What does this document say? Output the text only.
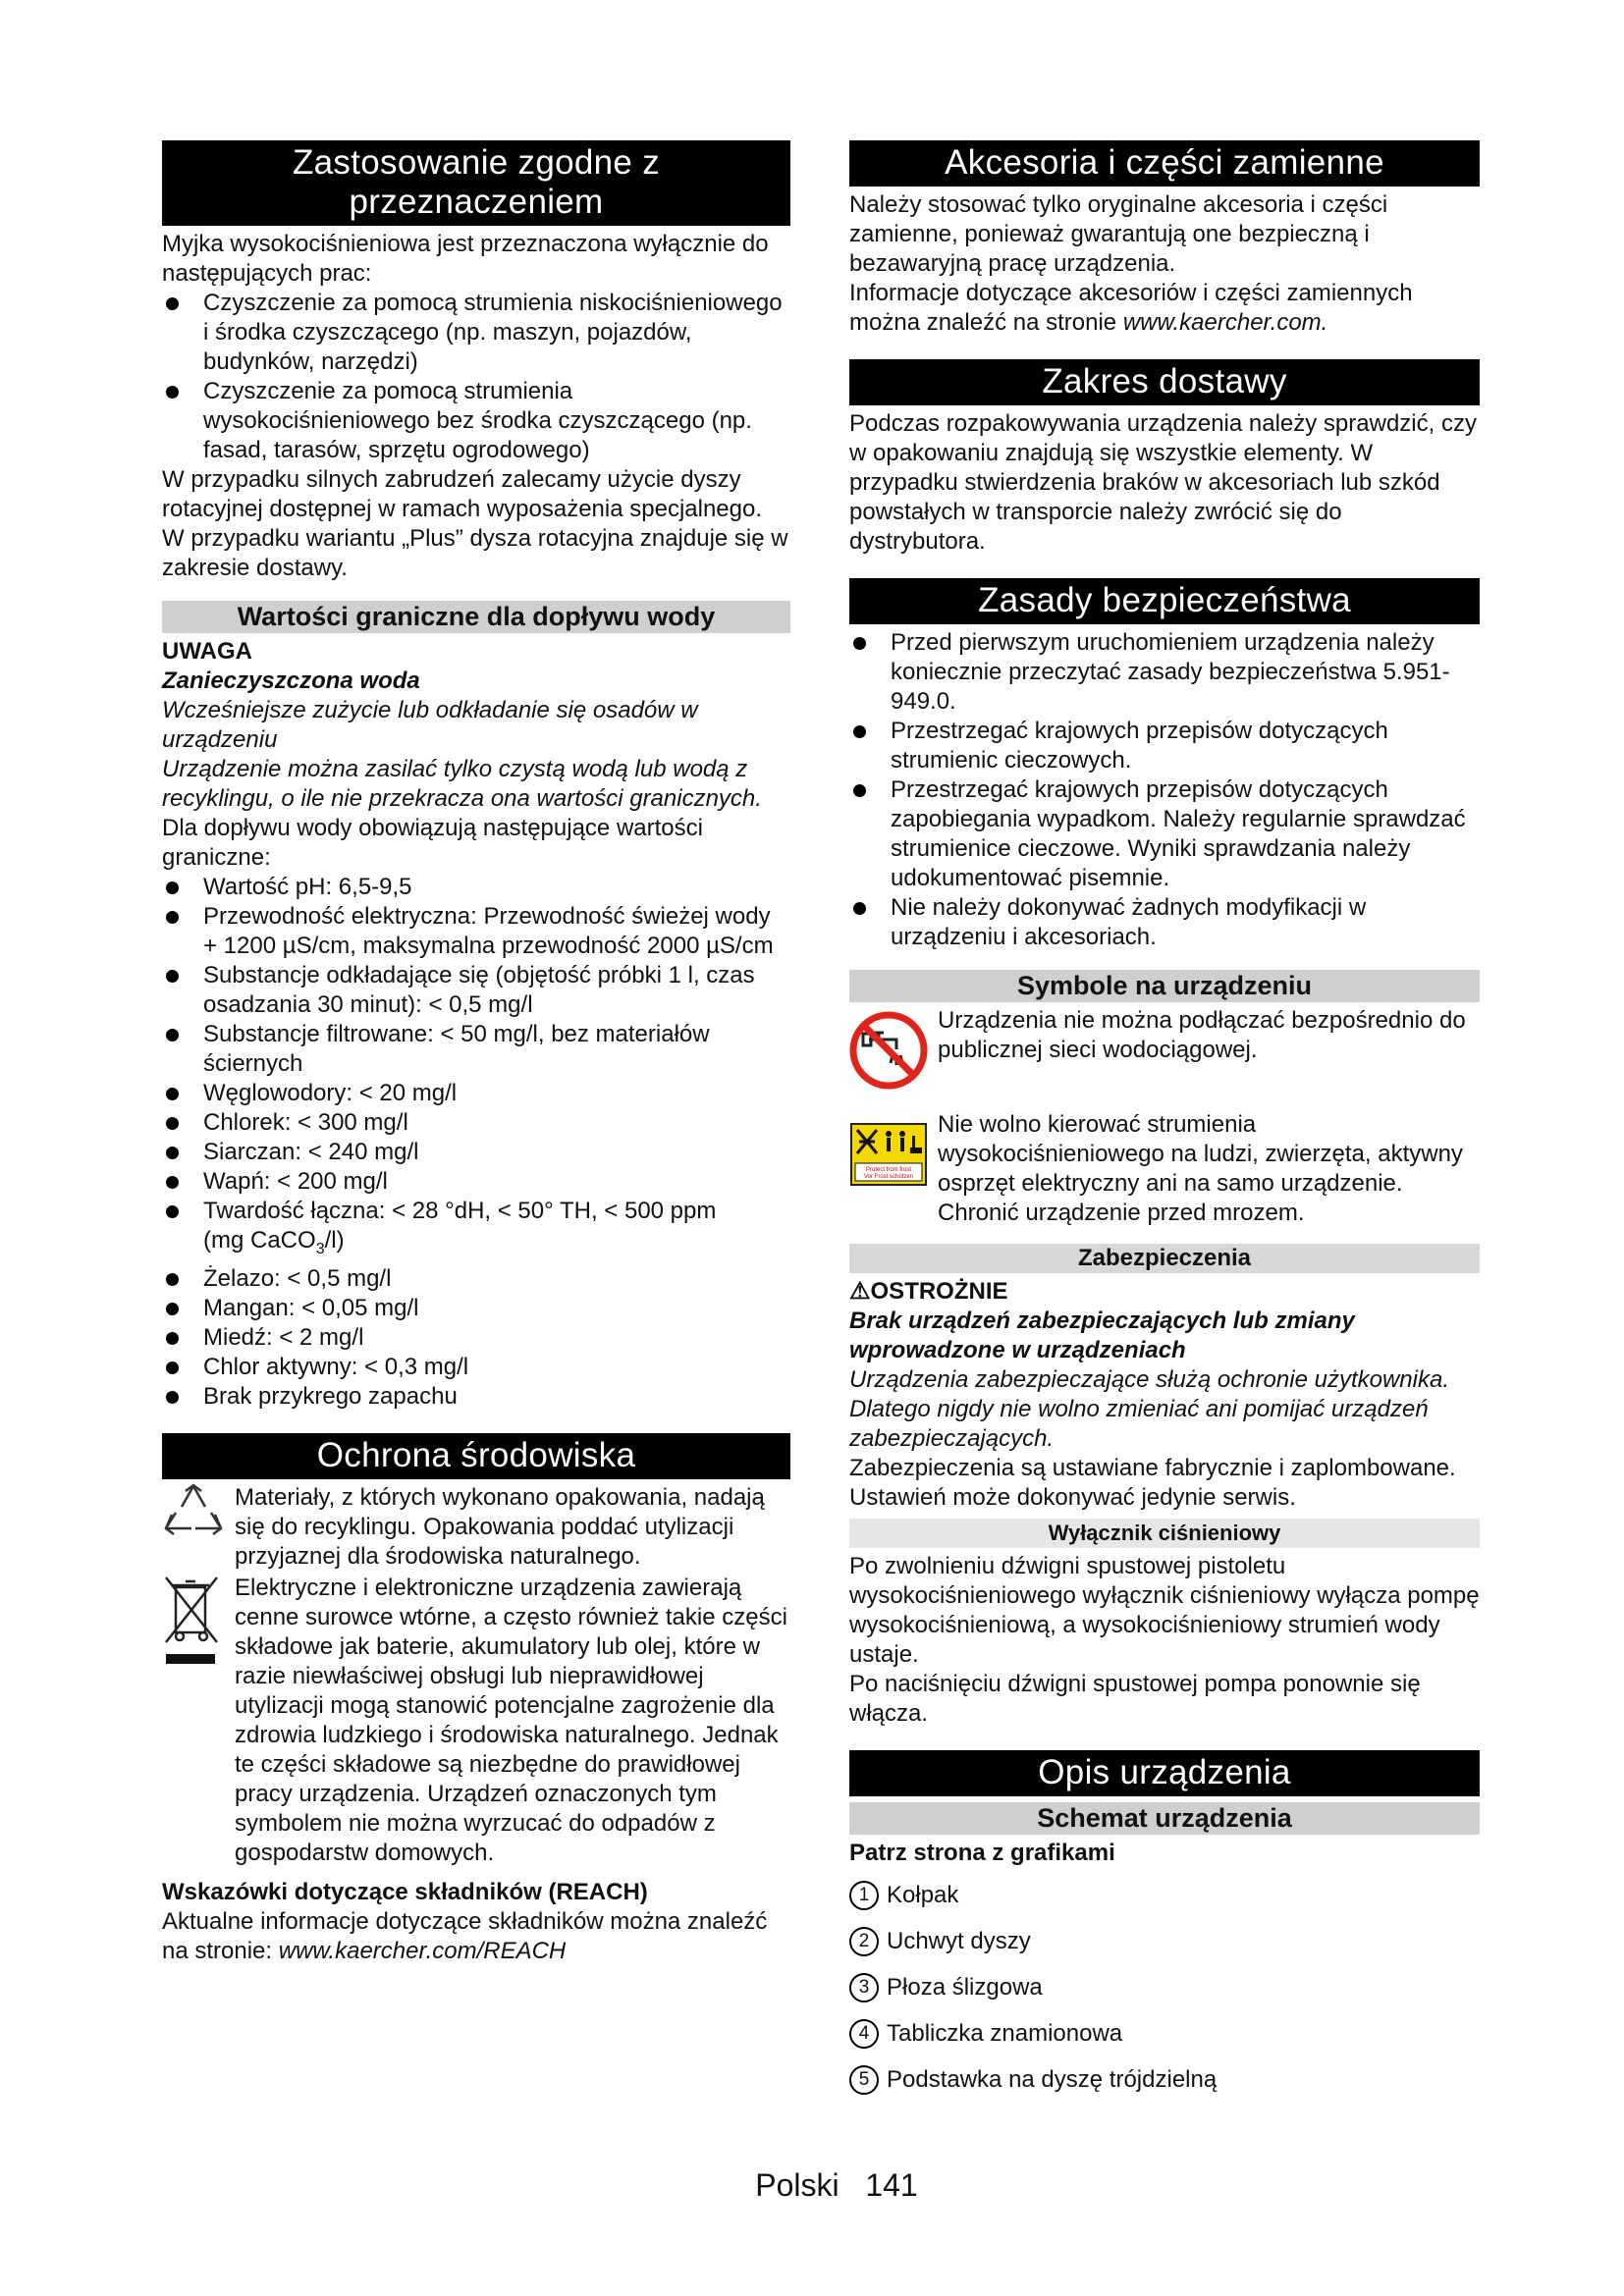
Zastosowanie zgodne z przeznaczeniem

Myjka wysokociśnieniowa jest przeznaczona wyłącznie do następujących prac:

Czyszczenie za pomocą strumienia niskociśnieniowego i środka czyszczącego (np. maszyn, pojazdów, budynków, narzędzi)
Czyszczenie za pomocą strumienia wysokociśnieniowego bez środka czyszczącego (np. fasad, tarasów, sprzętu ogrodowego)

W przypadku silnych zabrudzeń zalecamy użycie dyszy rotacyjnej dostępnej w ramach wyposażenia specjalnego.

W przypadku wariantu „Plus” dysza rotacyjna znajduje się w zakresie dostawy.

Wartości graniczne dla dopływu wody

UWAGA

Zanieczyszczona woda

Wcześniejsze zużycie lub odkładanie się osadów w urządzeniu

Urządzenie można zasilać tylko czystą wodą lub wodą z recyklingu, o ile nie przekracza ona wartości granicznych.

Dla dopływu wody obowiązują następujące wartości graniczne:

Wartość pH: 6,5-9,5
Przewodność elektryczna: Przewodność świeżej wody + 1200 µS/cm, maksymalna przewodność 2000 µS/cm
Substancje odkładające się (objętość próbki 1 l, czas osadzania 30 minut): < 0,5 mg/l
Substancje filtrowane: < 50 mg/l, bez materiałów ściernych
Węglowodory: < 20 mg/l
Chlorek: < 300 mg/l
Siarczan: < 240 mg/l
Wapń: < 200 mg/l
Twardość łączna: < 28 °dH, < 50° TH, < 500 ppm
(mg CaCO$_3$/l)
Żelazo: < 0,5 mg/l
Mangan: < 0,05 mg/l
Miedź: < 2 mg/l
Chlor aktywny: < 0,3 mg/l
Brak przykrego zapachu
Ochrona środowiska

Materiały, z których wykonano opakowania, nadają się do recyklingu. Opakowania poddać utylizacji przyjaznej dla środowiska naturalnego.

Elektryczne i elektroniczne urządzenia zawierają cenne surowce wtórne, a często również takie części składowe jak baterie, akumulatory lub olej, które w razie niewłaściwej obsługi lub nieprawidłowej utylizacji mogą stanowić potencjalne zagrożenie dla zdrowia ludzkiego i środowiska naturalnego. Jednak te części składowe są niezbędne do prawidłowej pracy urządzenia. Urządzeń oznaczonych tym symbolem nie można wyrzucać do odpadów z gospodarstw domowych.

Wskazówki dotyczące składników (REACH)

Aktualne informacje dotyczące składników można znaleźć na stronie: www.kaercher.com/REACH

Akcesoria i części zamienne

Należy stosować tylko oryginalne akcesoria i części zamienne, ponieważ gwarantują one bezpieczną i bezawaryjną pracę urządzenia.

Informacje dotyczące akcesoriów i części zamiennych można znaleźć na stronie www.kaercher.com.

Zakres dostawy

Podczas rozpakowywania urządzenia należy sprawdzić, czy w opakowaniu znajdują się wszystkie elementy. W przypadku stwierdzenia braków w akcesoriach lub szkód powstałych w transporcie należy zwrócić się do dystrybutora.

Zasady bezpieczeństwa
Przed pierwszym uruchomieniem urządzenia należy koniecznie przeczytać zasady bezpieczeństwa 5.951-949.0.
Przestrzegać krajowych przepisów dotyczących strumienic cieczowych.
Przestrzegać krajowych przepisów dotyczących zapobiegania wypadkom. Należy regularnie sprawdzać strumienice cieczowe. Wyniki sprawdzania należy udokumentować pisemnie.
Nie należy dokonywać żadnych modyfikacji w urządzeniu i akcesoriach.
Symbole na urządzeniu

Urządzenia nie można podłączać bezpośrednio do publicznej sieci wodociągowej.

Protect from frost
Vor Frost schützen

Nie wolno kierować strumienia wysokociśnieniowego na ludzi, zwierzęta, aktywny osprzęt elektryczny ani na samo urządzenie. Chronić urządzenie przed mrozem.

Zabezpieczenia

⚠OSTROŻNIE

Brak urządzeń zabezpieczających lub zmiany wprowadzone w urządzeniach

Urządzenia zabezpieczające służą ochronie użytkownika.

Dlatego nigdy nie wolno zmieniać ani pomijać urządzeń zabezpieczających.

Zabezpieczenia są ustawiane fabrycznie i zaplombowane. Ustawień może dokonywać jedynie serwis.

Wyłącznik ciśnieniowy

Po zwolnieniu dźwigni spustowej pistoletu wysokociśnieniowego wyłącznik ciśnieniowy wyłącza pompę wysokociśnieniową, a wysokociśnieniowy strumień wody ustaje.

Po naciśnięciu dźwigni spustowej pompa ponownie się włącza.

Opis urządzenia
Schemat urządzenia

Patrz strona z grafikami

1 Kołpak
2 Uchwyt dyszy
3 Płoza ślizgowa
4 Tabliczka znamionowa
5 Podstawka na dyszę trójdzielną
Polski 141
